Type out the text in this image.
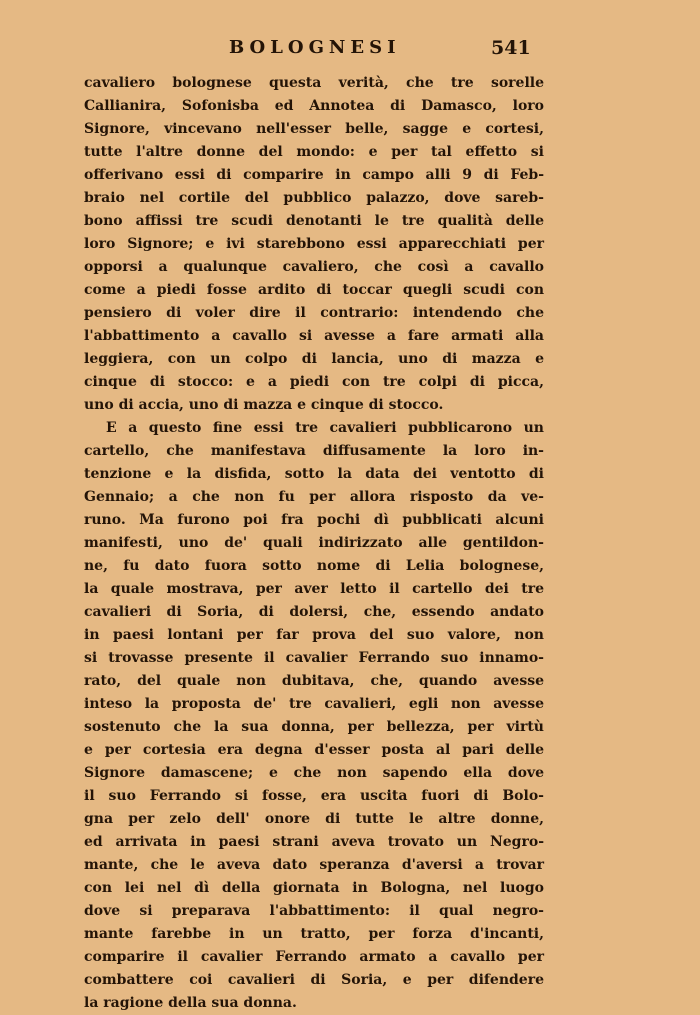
BOLOGNESI	541
cavaliero bolognese questa verità, che tre sorelle
Callianira, Sofonisba ed Annotea di Damasco, loro
Signore, vincevano nell'esser belle, sagge e cortesi,
tutte l'altre donne del mondo: e per tal effetto si
offerivano essi di comparire in campo alli 9 di Feb-
braio nel cortile del pubblico palazzo, dove sareb-
bono affissi tre scudi denotanti le tre qualità delle
loro Signore; e ivi starebbono essi apparecchiati per
opporsi a qualunque cavaliero, che così a cavallo
come a piedi fosse ardito di toccar quegli scudi con
pensiero di voler dire il contrario: intendendo che
l'abbattimento a cavallo si avesse a fare armati alla
leggiera, con un colpo di lancia, uno di mazza e
cinque di stocco: e a piedi con tre colpi di picca,
uno di accia, uno di mazza e cinque di stocco.
E a questo fine essi tre cavalieri pubblicarono un
cartello, che manifestava diffusamente la loro in-
tenzione e la disfida, sotto la data dei ventotto di
Gennaio; a che non fu per allora risposto da ve-
runo. Ma furono poi fra pochi dì pubblicati alcuni
manifesti, uno de' quali indirizzato alle gentildon-
ne, fu dato fuora sotto nome di Lelia bolognese,
la quale mostrava, per aver letto il cartello dei tre
cavalieri di Soria, di dolersi, che, essendo andato
in paesi lontani per far prova del suo valore, non
si trovasse presente il cavalier Ferrando suo innamo-
rato, del quale non dubitava, che, quando avesse
inteso la proposta de' tre cavalieri, egli non avesse
sostenuto che la sua donna, per bellezza, per virtù
e per cortesia era degna d'esser posta al pari delle
Signore damascene; e che non sapendo ella dove
il suo Ferrando si fosse, era uscita fuori di Bolo-
gna per zelo dell' onore di tutte le altre donne,
ed arrivata in paesi strani aveva trovato un Negro-
mante, che le aveva dato speranza d'aversi a trovar
con lei nel dì della giornata in Bologna, nel luogo
dove si preparava l'abbattimento: il qual negro-
mante farebbe in un tratto, per forza d'incanti,
comparire il cavalier Ferrando armato a cavallo per
combattere coi cavalieri di Soria, e per difendere
la ragione della sua donna.
